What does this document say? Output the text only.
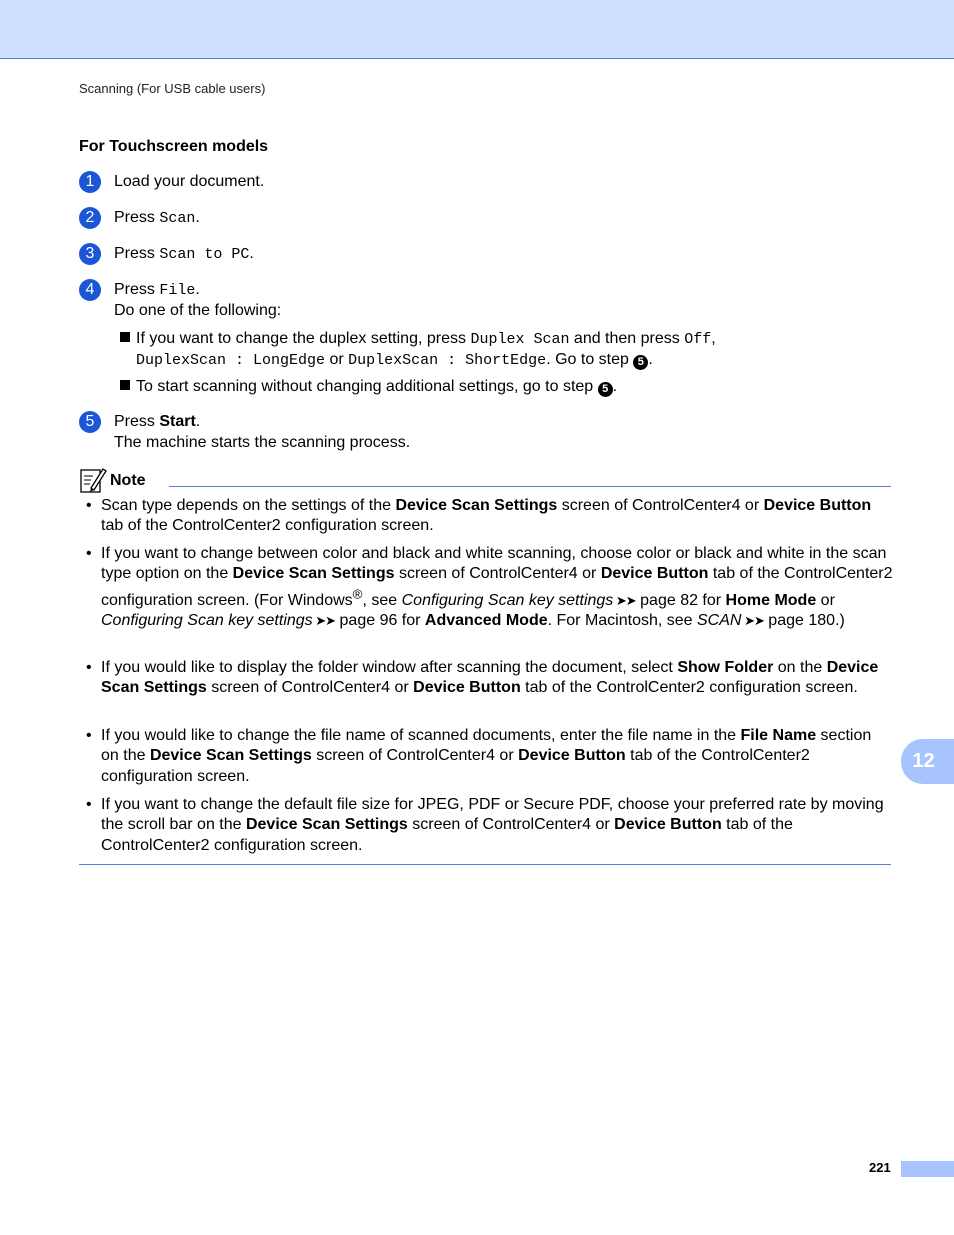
Scanning (For USB cable users)
For Touchscreen models
1	Load your document.
2	Press Scan.
3	Press Scan to PC.
4	Press File.
Do one of the following:
If you want to change the duplex setting, press Duplex Scan and then press Off,
DuplexScan : LongEdge or DuplexScan : ShortEdge. Go to step 5 .
To start scanning without changing additional settings, go to step 5 .
5	Press Start.
The machine starts the scanning process.
Note
• Scan type depends on the settings of the Device Scan Settings screen of ControlCenter4 or Device Button tab of the ControlCenter2 configuration screen.
• If you want to change between color and black and white scanning, choose color or black and white in the scan type option on the Device Scan Settings screen of ControlCenter4 or Device Button tab of the ControlCenter2 configuration screen. (For Windows®, see Configuring Scan key settings ➤➤ page 82 for Home Mode or Configuring Scan key settings ➤➤ page 96 for Advanced Mode. For Macintosh, see SCAN ➤➤ page 180.)
• If you would like to display the folder window after scanning the document, select Show Folder on the Device Scan Settings screen of ControlCenter4 or Device Button tab of the ControlCenter2 configuration screen.
• If you would like to change the file name of scanned documents, enter the file name in the File Name section on the Device Scan Settings screen of ControlCenter4 or Device Button tab of the ControlCenter2 configuration screen.
• If you want to change the default file size for JPEG, PDF or Secure PDF, choose your preferred rate by moving the scroll bar on the Device Scan Settings screen of ControlCenter4 or Device Button tab of the ControlCenter2 configuration screen.
12
221
